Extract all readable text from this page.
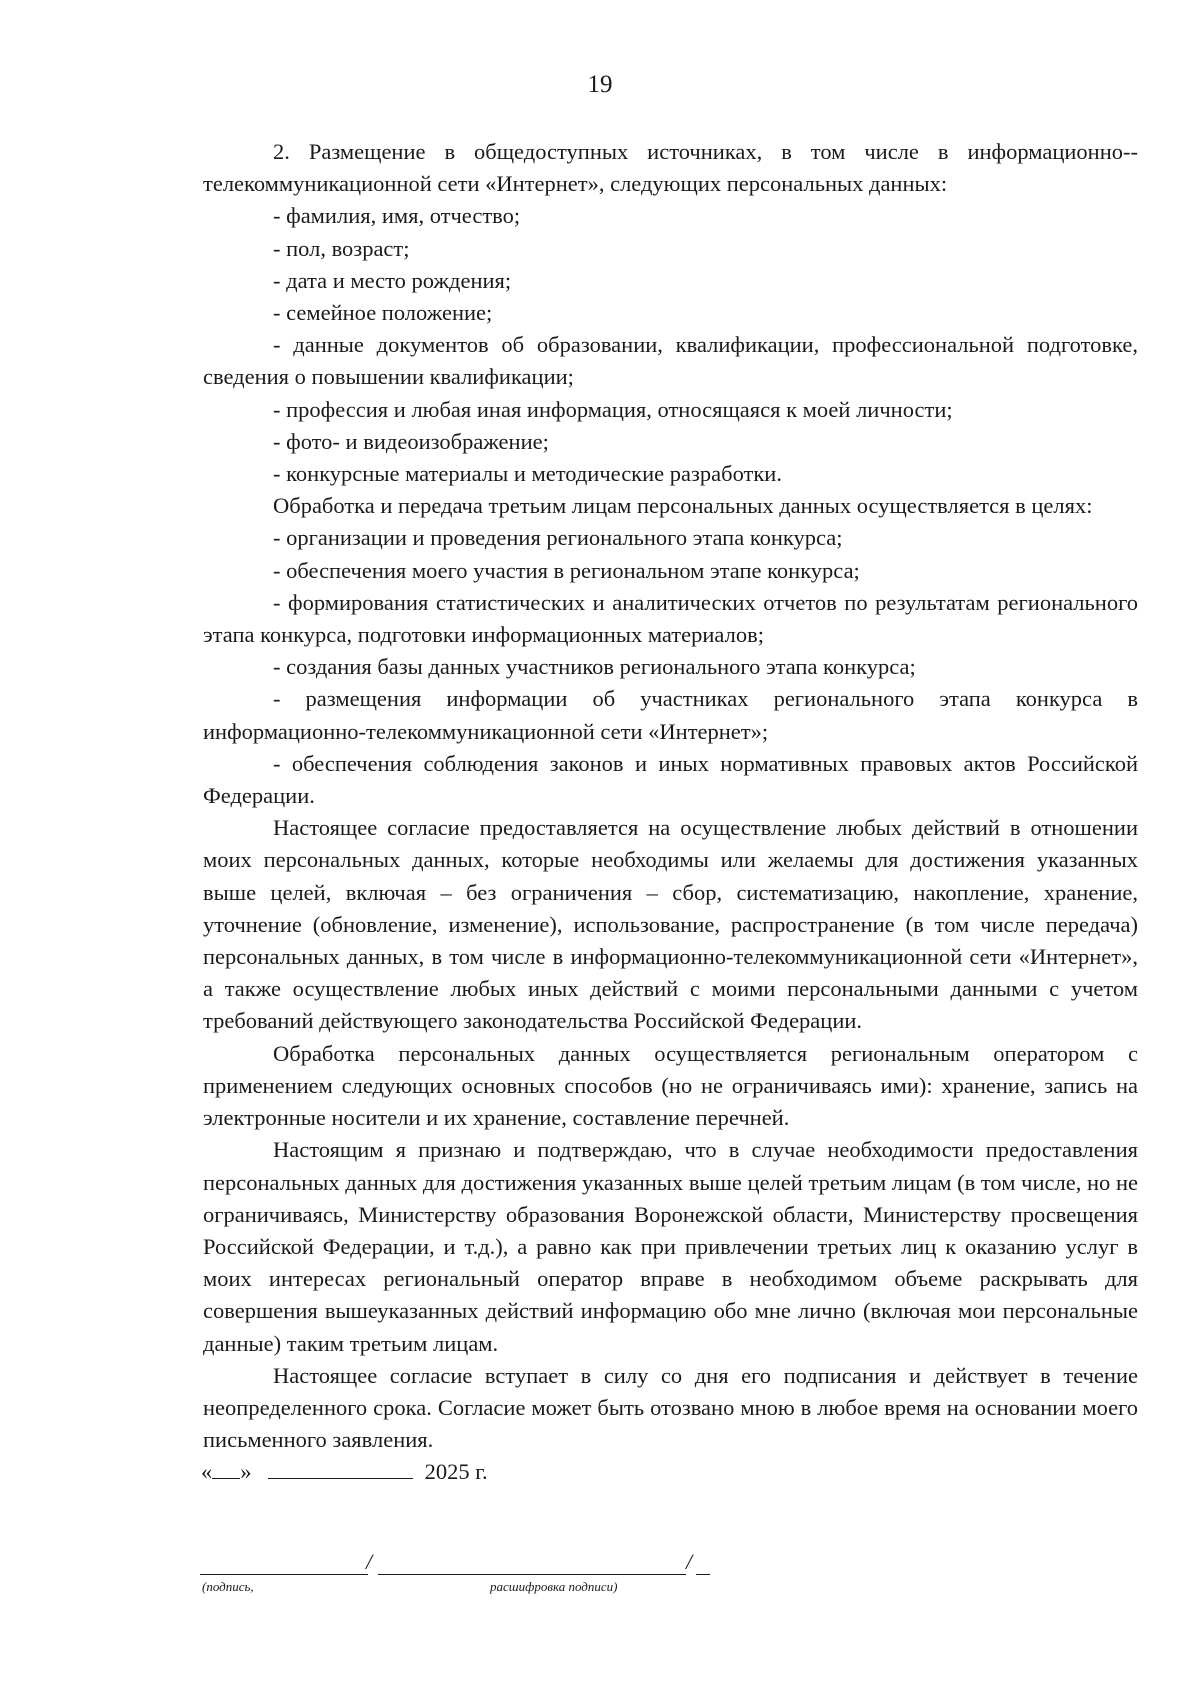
19

2. Размещение в общедоступных источниках, в том числе в информационно-- телекоммуникационной сети «Интернет», следующих персональных данных:

- фамилия, имя, отчество;

- пол, возраст;

- дата и место рождения;

- семейное положение;

- данные документов об образовании, квалификации, профессиональной подготовке, сведения о повышении квалификации;

- профессия и любая иная информация, относящаяся к моей личности;

- фото- и видеоизображение;

- конкурсные материалы и методические разработки.

Обработка и передача третьим лицам персональных данных осуществляется в целях:

- организации и проведения регионального этапа конкурса;

- обеспечения моего участия в региональном этапе конкурса;

- формирования статистических и аналитических отчетов по результатам регионального этапа конкурса, подготовки информационных материалов;

- создания базы данных участников регионального этапа конкурса;

- размещения информации об участниках регионального этапа конкурса в информационно-телекоммуникационной сети «Интернет»;

- обеспечения соблюдения законов и иных нормативных правовых актов Российской Федерации.

Настоящее согласие предоставляется на осуществление любых действий в отношении моих персональных данных, которые необходимы или желаемы для достижения указанных выше целей, включая – без ограничения – сбор, систематизацию, накопление, хранение, уточнение (обновление, изменение), использование, распространение (в том числе передача) персональных данных, в том числе в информационно-телекоммуникационной сети «Интернет», а также осуществление любых иных действий с моими персональными данными с учетом требований действующего законодательства Российской Федерации.

Обработка персональных данных осуществляется региональным оператором с применением следующих основных способов (но не ограничиваясь ими): хранение, запись на электронные носители и их хранение, составление перечней.

Настоящим я признаю и подтверждаю, что в случае необходимости предоставления персональных данных для достижения указанных выше целей третьим лицам (в том числе, но не ограничиваясь, Министерству образования Воронежской области, Министерству просвещения Российской Федерации, и т.д.), а равно как при привлечении третьих лиц к оказанию услуг в моих интересах региональный оператор вправе в необходимом объеме раскрывать для совершения вышеуказанных действий информацию обо мне лично (включая мои персональные данные) таким третьим лицам.

Настоящее согласие вступает в силу со дня его подписания и действует в течение неопределенного срока. Согласие может быть отозвано мною в любое время на основании моего письменного заявления.

« »	2025 г.

/	/
(подпись,	расшифровка подписи)
